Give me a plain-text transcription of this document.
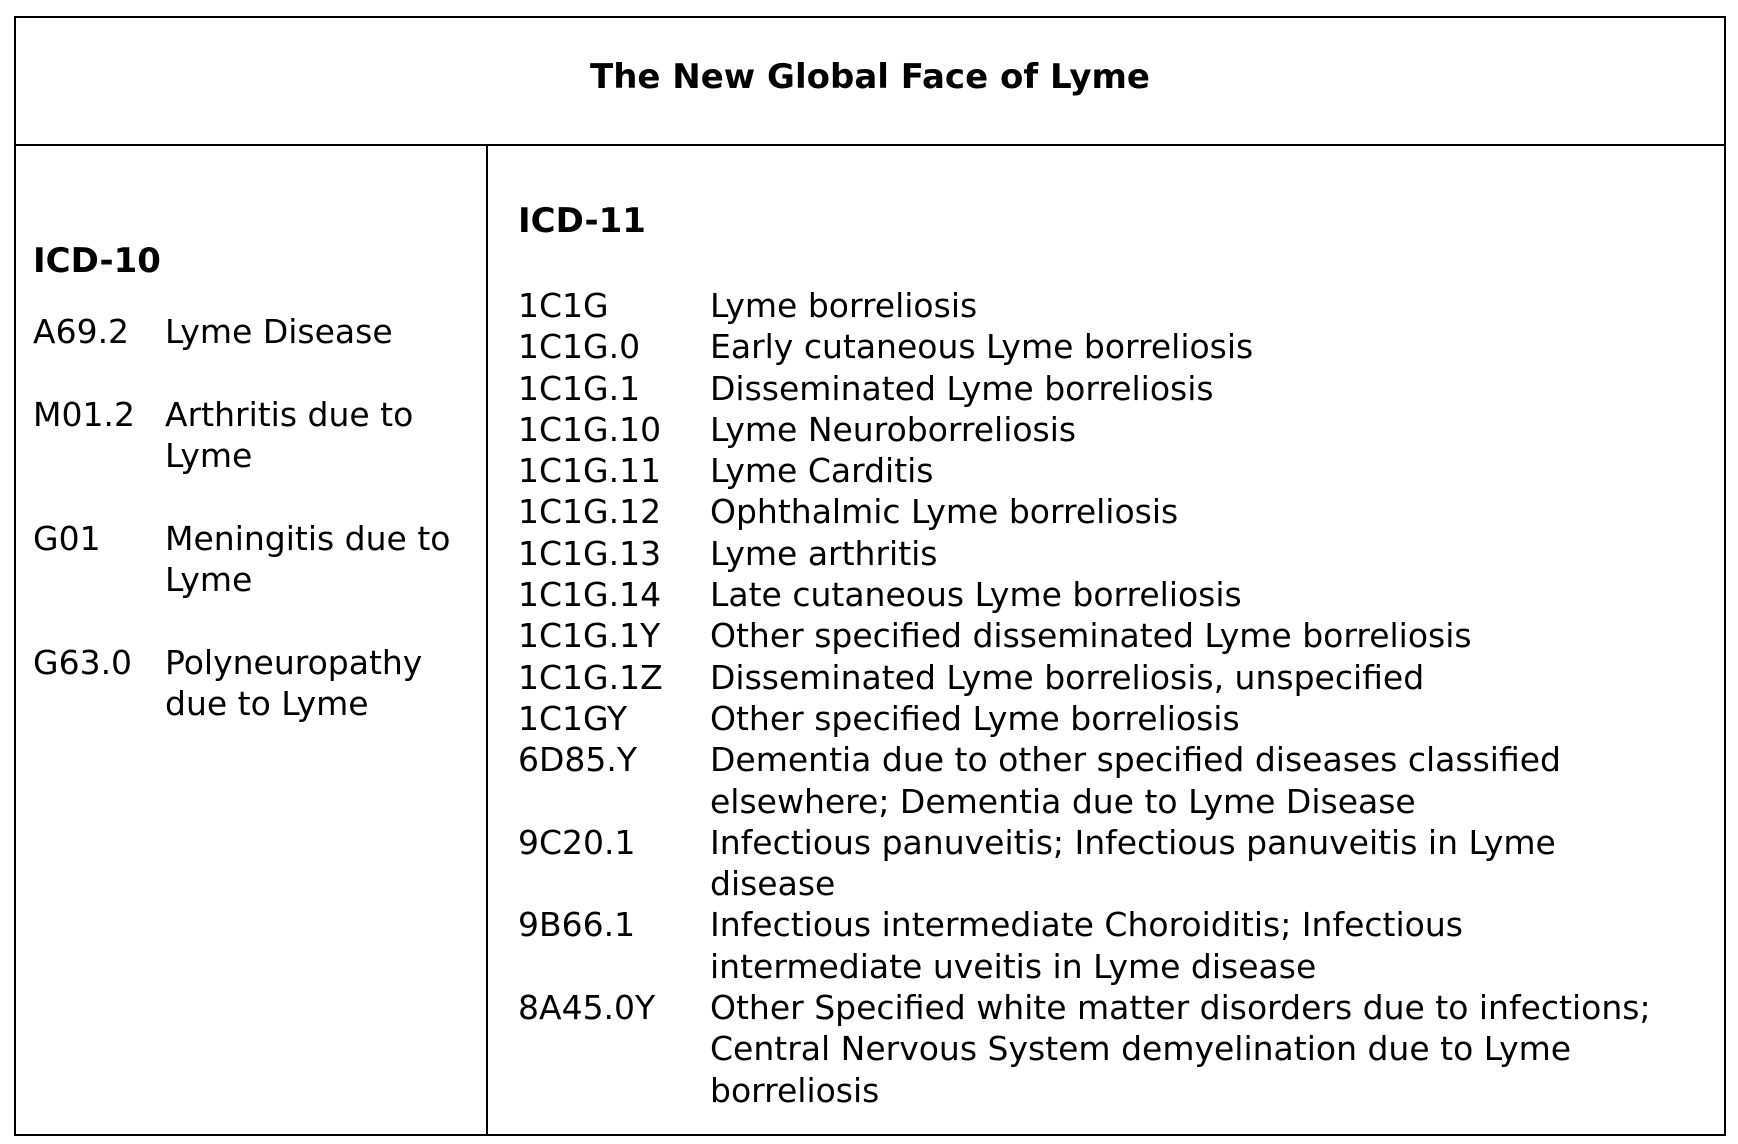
The New Global Face of Lyme
ICD-10
A69.2	Lyme Disease
M01.2 Arthritis due to Lyme
G01	Meningitis due to Lyme
G63.0 Polyneuropathy due to Lyme
ICD-11
1C1G	Lyme borreliosis
1C1G.0	Early cutaneous Lyme borreliosis
1C1G.1	Disseminated Lyme borreliosis
1C1G.10	Lyme Neuroborreliosis
1C1G.11	Lyme Carditis
1C1G.12	Ophthalmic Lyme borreliosis
1C1G.13	Lyme arthritis
1C1G.14	Late cutaneous Lyme borreliosis
1C1G.1Y	Other specified disseminated Lyme borreliosis
1C1G.1Z	Disseminated Lyme borreliosis, unspecified
1C1GY	Other specified Lyme borreliosis
6D85.Y	Dementia due to other specified diseases classified elsewhere; Dementia due to Lyme Disease
9C20.1	Infectious panuveitis; Infectious panuveitis in Lyme disease
9B66.1	Infectious intermediate Choroiditis; Infectious intermediate uveitis in Lyme disease
8A45.0Y	Other Specified white matter disorders due to infections; Central Nervous System demyelination due to Lyme borreliosis
